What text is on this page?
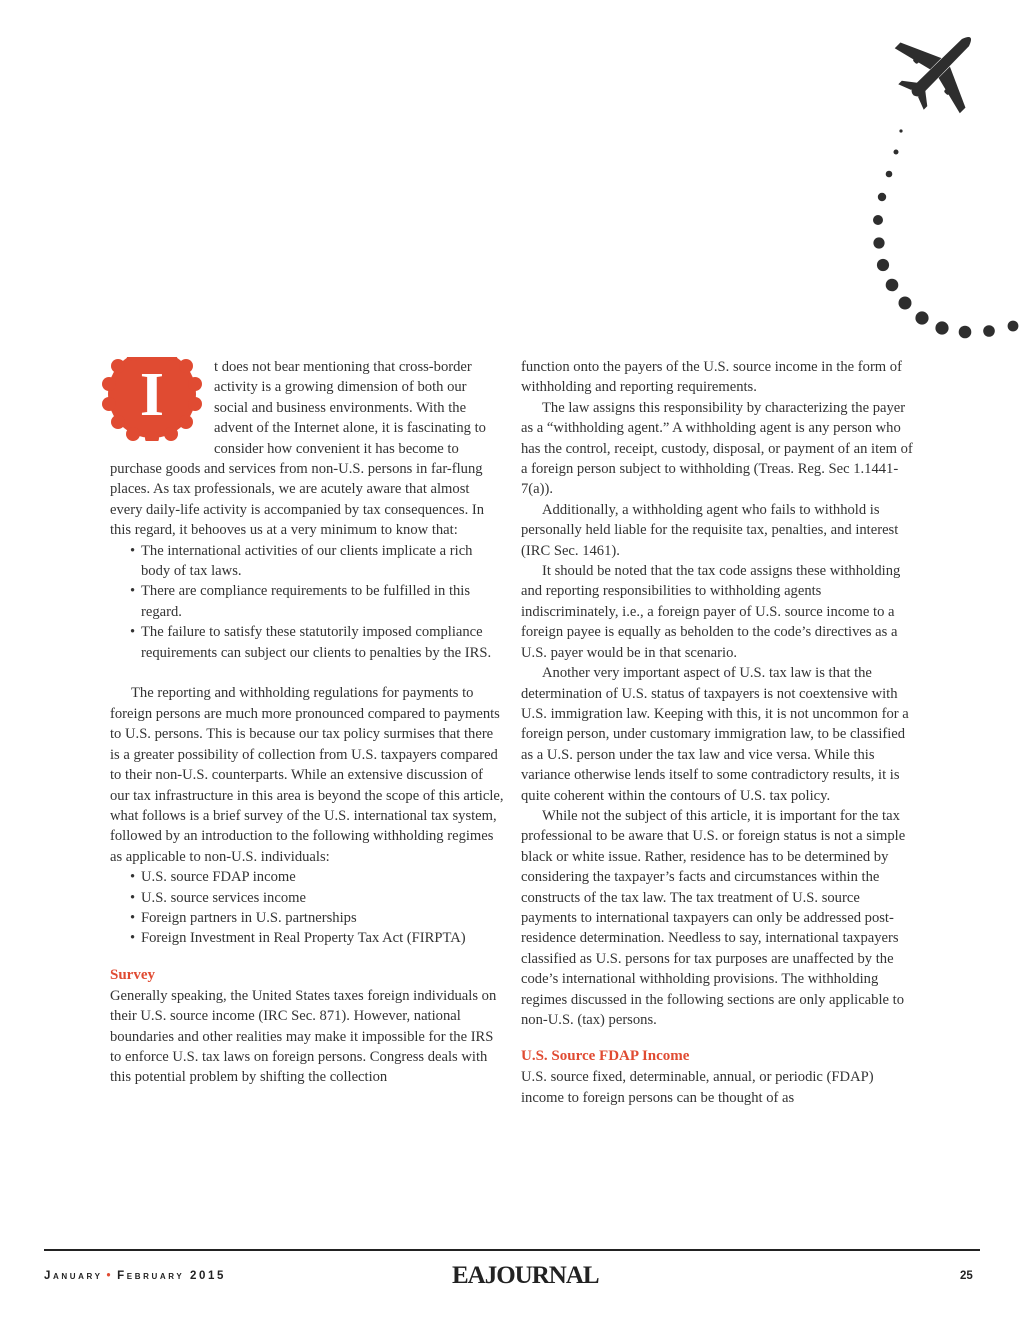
I	t does not bear mentioning that cross-border activity is a growing dimension of both our social and business environments. With the advent of the Internet alone, it is fascinating to consider how convenient it has become to purchase goods and services from non-U.S. persons in far-flung places. As tax professionals, we are acutely aware that almost every daily-life activity is accompanied by tax consequences. In this regard, it behooves us at a very minimum to know that:

• The international activities of our clients implicate a rich body of tax laws.
• There are compliance requirements to be fulfilled in this regard.
• The failure to satisfy these statutorily imposed compliance requirements can subject our clients to penalties by the IRS.

The reporting and withholding regulations for payments to foreign persons are much more pronounced compared to payments to U.S. persons. This is because our tax policy surmises that there is a greater possibility of collection from U.S. taxpayers compared to their non-U.S. counterparts. While an extensive discussion of our tax infrastructure in this area is beyond the scope of this article, what follows is a brief survey of the U.S. international tax system, followed by an introduction to the following withholding regimes as applicable to non-U.S. individuals:

• U.S. source FDAP income
• U.S. source services income
• Foreign partners in U.S. partnerships
• Foreign Investment in Real Property Tax Act (FIRPTA)
Survey

Generally speaking, the United States taxes foreign individuals on their U.S. source income (IRC Sec. 871). However, national boundaries and other realities may make it impossible for the IRS to enforce U.S. tax laws on foreign persons. Congress deals with this potential problem by shifting the collection

function onto the payers of the U.S. source income in the form of withholding and reporting requirements.

The law assigns this responsibility by characterizing the payer as a “withholding agent.” A withholding agent is any person who has the control, receipt, custody, disposal, or payment of an item of a foreign person subject to withholding (Treas. Reg. Sec 1.1441-7(a)).

Additionally, a withholding agent who fails to withhold is personally held liable for the requisite tax, penalties, and interest (IRC Sec. 1461).

It should be noted that the tax code assigns these withholding and reporting responsibilities to withholding agents indiscriminately, i.e., a foreign payer of U.S. source income to a foreign payee is equally as beholden to the code’s directives as a U.S. payer would be in that scenario.

Another very important aspect of U.S. tax law is that the determination of U.S. status of taxpayers is not coextensive with U.S. immigration law. Keeping with this, it is not uncommon for a foreign person, under customary immigration law, to be classified as a U.S. person under the tax law and vice versa. While this variance otherwise lends itself to some contradictory results, it is quite coherent within the contours of U.S. tax policy.

While not the subject of this article, it is important for the tax professional to be aware that U.S. or foreign status is not a simple black or white issue. Rather, residence has to be determined by considering the taxpayer’s facts and circumstances within the constructs of the tax law. The tax treatment of U.S. source payments to international taxpayers can only be addressed post-residence determination. Needless to say, international taxpayers classified as U.S. persons for tax purposes are unaffected by the code’s international withholding provisions. The withholding regimes discussed in the following sections are only applicable to non-U.S. (tax) persons.

U.S. Source FDAP Income

U.S. source fixed, determinable, annual, or periodic (FDAP) income to foreign persons can be thought of as

January • February 2015	EAJOURNAL	25
